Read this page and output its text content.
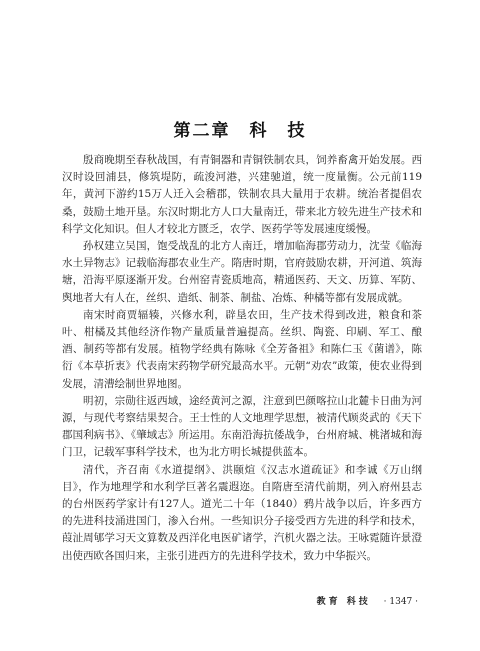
第二章　科　技

殷商晚期至春秋战国，有青铜器和青铜铁制农具，饲养畜禽开始发展。西汉时设回浦县，修筑堤防，疏浚河港，兴建驰道，统一度量衡。公元前119年，黄河下游约15万人迁入会稽郡，铁制农具大量用于农耕。统治者提倡农桑，鼓励土地开垦。东汉时期北方人口大量南迁，带来北方较先进生产技术和科学文化知识。但人才较北方匮乏，农学、医药学等发展速度缓慢。

孙权建立吴国，饱受战乱的北方人南迁，增加临海郡劳动力，沈莹《临海水土异物志》记载临海郡农业生产。隋唐时期，官府鼓励农耕，开河道、筑海塘，沿海平原逐渐开发。台州窑青瓷质地高，精通医药、天文、历算、军防、舆地者大有人在，丝织、造纸、制茶、制盐、冶炼、种橘等都有发展成就。

南宋时商贾辐辏，兴修水利，辟垦农田，生产技术得到改进，粮食和茶叶、柑橘及其他经济作物产量质量普遍提高。丝织、陶瓷、印刷、军工、酿酒、制药等都有发展。植物学经典有陈咏《全芳备祖》和陈仁玉《菌谱》，陈衍《本草折衷》代表南宋药物学研究最高水平。元朝“劝农”政策，使农业得到发展，清漕绘制世界地图。

明初，宗勋往返西域，途经黄河之源，注意到巴颜喀拉山北麓卡日曲为河源，与现代考察结果契合。王士性的人文地理学思想，被清代顾炎武的《天下郡国利病书》、《肇域志》所运用。东南沿海抗倭战争，台州府城、桃渚城和海门卫，记载军事科学技术，也为北方明长城提供蓝本。

清代，齐召南《水道提纲》、洪颐煊《汉志水道疏证》和李诚《万山纲目》，作为地理学和水利学巨著名震遐迩。自隋唐至清代前期，列入府州县志的台州医药学家计有127人。道光二十年（1840）鸦片战争以后，许多西方的先进科技涌进国门，渗入台州。一些知识分子接受西方先进的科学和技术，葭沚周郇学习天文算数及西洋化电医矿诸学，汽机火器之法。王咏霓随许景澄出使西欧各国归来，主张引进西方的先进科学技术，致力中华振兴。

教育 科技 · 1347 ·
